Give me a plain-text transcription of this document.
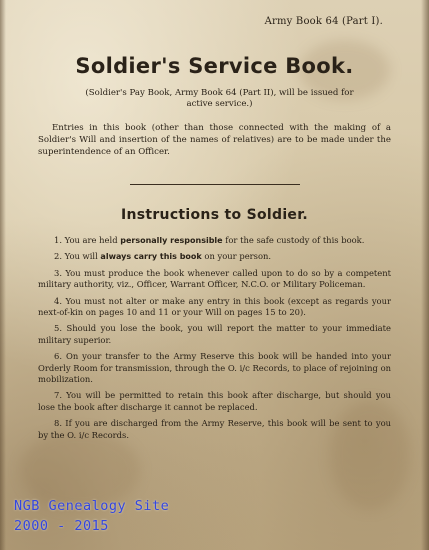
Army Book 64 (Part I).
Soldier's Service Book.
(Soldier's Pay Book, Army Book 64 (Part II), will be issued for active service.)
Entries in this book (other than those connected with the making of a Soldier's Will and insertion of the names of relatives) are to be made under the superintendence of an Officer.
Instructions to Soldier.
1. You are held personally responsible for the safe custody of this book.
2. You will always carry this book on your person.
3. You must produce the book whenever called upon to do so by a competent military authority, viz., Officer, Warrant Officer, N.C.O. or Military Policeman.
4. You must not alter or make any entry in this book (except as regards your next-of-kin on pages 10 and 11 or your Will on pages 15 to 20).
5. Should you lose the book, you will report the matter to your immediate military superior.
6. On your transfer to the Army Reserve this book will be handed into your Orderly Room for transmission, through the O. i/c Records, to place of rejoining on mobilization.
7. You will be permitted to retain this book after discharge, but should you lose the book after discharge it cannot be replaced.
8. If you are discharged from the Army Reserve, this book will be sent to you by the O. i/c Records.
NGB Genealogy Site
2000 - 2015
